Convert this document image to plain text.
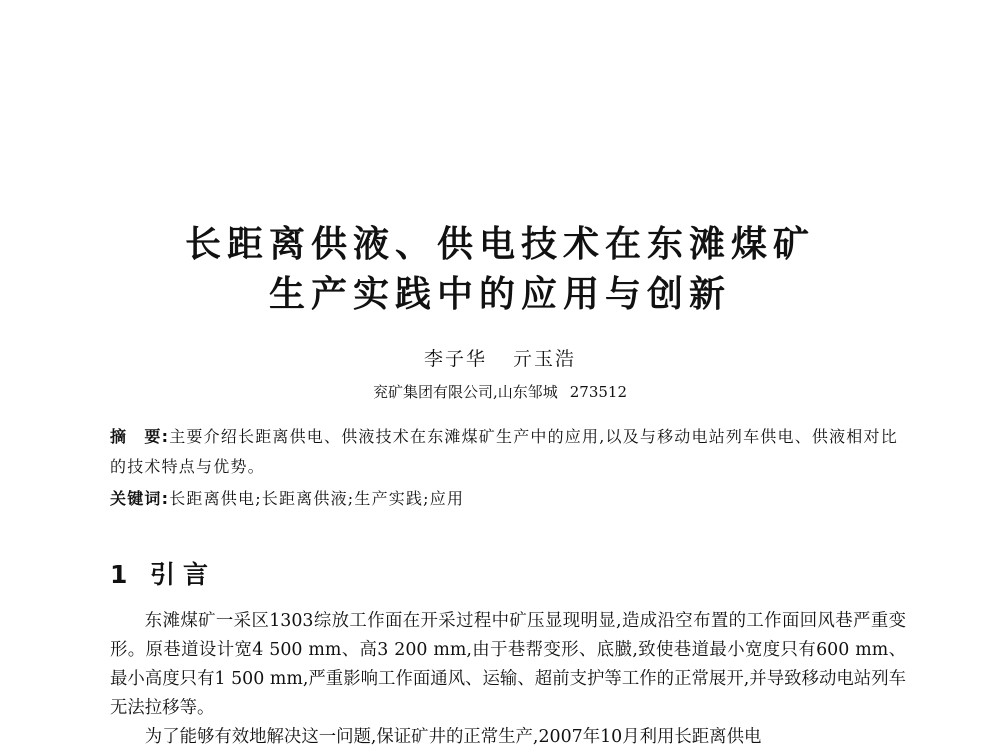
长距离供液、供电技术在东滩煤矿
生产实践中的应用与创新
李子华 亓玉浩
兖矿集团有限公司,山东邹城 273512
摘　要:主要介绍长距离供电、供液技术在东滩煤矿生产中的应用,以及与移动电站列车供电、供液相对比的技术特点与优势。
关键词:长距离供电;长距离供液;生产实践;应用
1 引言

东滩煤矿一采区1303综放工作面在开采过程中矿压显现明显,造成沿空布置的工作面回风巷严重变形。原巷道设计宽4 500 mm、高3 200 mm,由于巷帮变形、底臌,致使巷道最小宽度只有600 mm、最小高度只有1 500 mm,严重影响工作面通风、运输、超前支护等工作的正常展开,并导致移动电站列车无法拉移等。

为了能够有效地解决这一问题,保证矿井的正常生产,2007年10月利用长距离供电
